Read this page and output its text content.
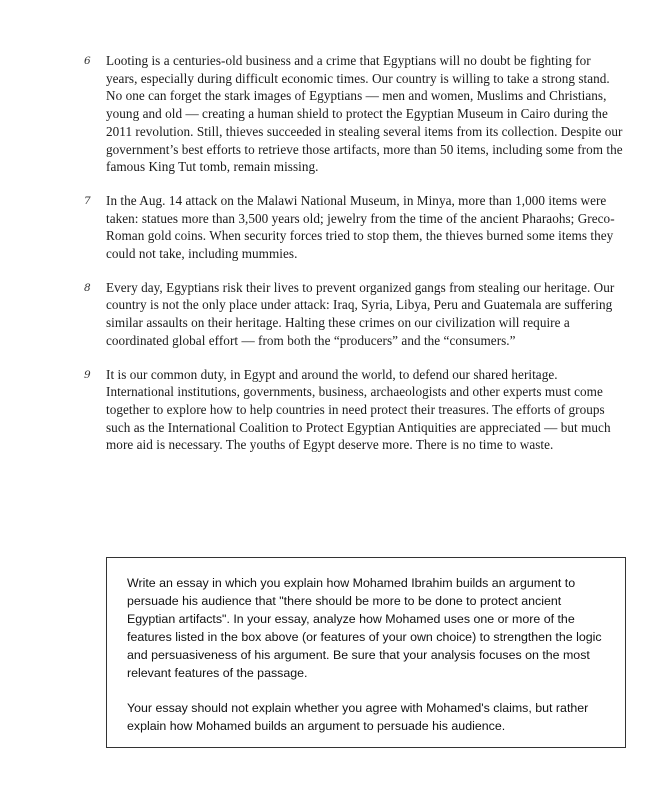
6 Looting is a centuries-old business and a crime that Egyptians will no doubt be fighting for years, especially during difficult economic times. Our country is willing to take a strong stand. No one can forget the stark images of Egyptians — men and women, Muslims and Christians, young and old — creating a human shield to protect the Egyptian Museum in Cairo during the 2011 revolution. Still, thieves succeeded in stealing several items from its collection. Despite our government’s best efforts to retrieve those artifacts, more than 50 items, including some from the famous King Tut tomb, remain missing.
7 In the Aug. 14 attack on the Malawi National Museum, in Minya, more than 1,000 items were taken: statues more than 3,500 years old; jewelry from the time of the ancient Pharaohs; Greco-Roman gold coins. When security forces tried to stop them, the thieves burned some items they could not take, including mummies.
8 Every day, Egyptians risk their lives to prevent organized gangs from stealing our heritage. Our country is not the only place under attack: Iraq, Syria, Libya, Peru and Guatemala are suffering similar assaults on their heritage. Halting these crimes on our civilization will require a coordinated global effort — from both the “producers” and the “consumers.”
9 It is our common duty, in Egypt and around the world, to defend our shared heritage. International institutions, governments, business, archaeologists and other experts must come together to explore how to help countries in need protect their treasures. The efforts of groups such as the International Coalition to Protect Egyptian Antiquities are appreciated — but much more aid is necessary. The youths of Egypt deserve more. There is no time to waste.

Write an essay in which you explain how Mohamed Ibrahim builds an argument to persuade his audience that "there should be more to be done to protect ancient Egyptian artifacts". In your essay, analyze how Mohamed uses one or more of the features listed in the box above (or features of your own choice) to strengthen the logic and persuasiveness of his argument. Be sure that your analysis focuses on the most relevant features of the passage.

Your essay should not explain whether you agree with Mohamed's claims, but rather explain how Mohamed builds an argument to persuade his audience.
